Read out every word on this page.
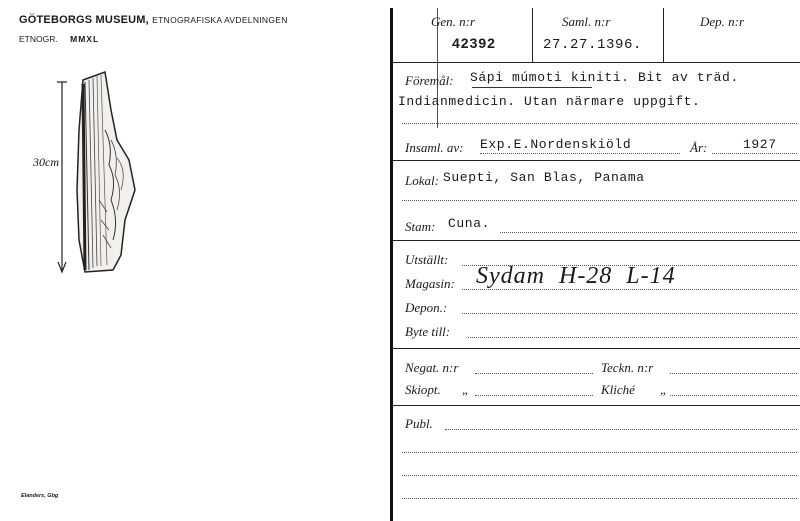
GÖTEBORGS MUSEUM, ETNOGRAFISKA AVDELNINGEN
ETNOGR. MMXL
30cm
Elanders, Gbg
Gen. n:r
42392
Saml. n:r
27.27.1396.
Dep. n:r
Föremål: Sápi múmoti kiniti. Bit av träd.
Indianmedicin. Utan närmare uppgift.
Insaml. av: Exp.E.Nordenskiöld	År:	1927
Lokal: Suepti, San Blas, Panama
Stam: Cuna.
Utställt:
Magasin: Sydam  H-28  L-14
Depon.:
Byte till:
Negat. n:r	Teckn. n:r
Skiopt. „	Kliché „
Publ.
